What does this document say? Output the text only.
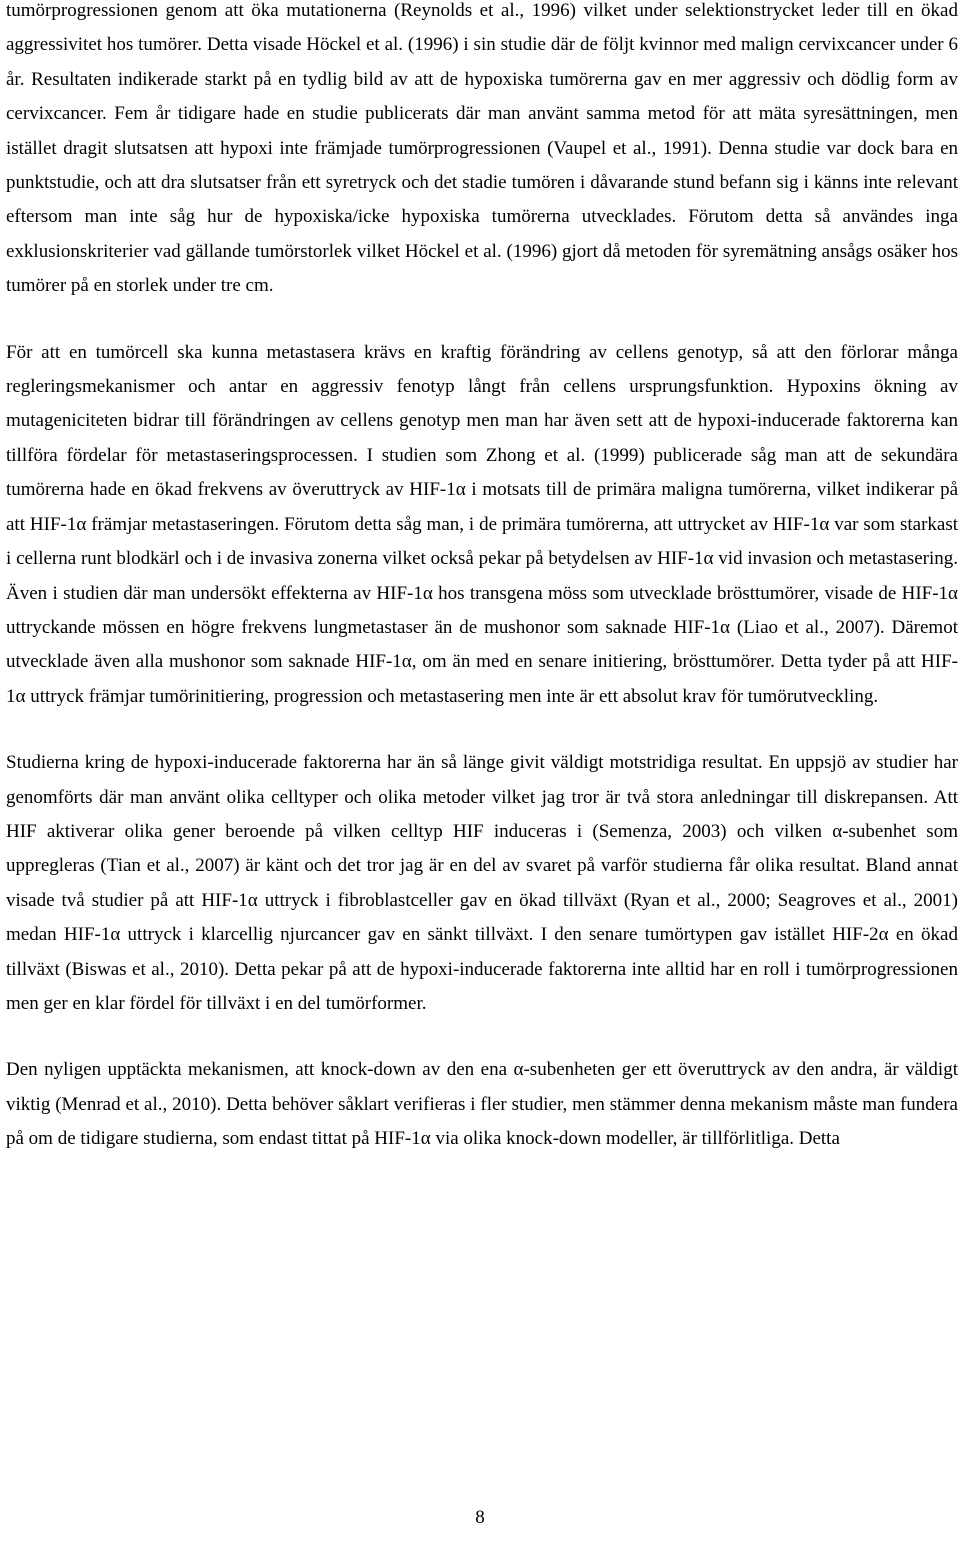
tumörprogressionen genom att öka mutationerna (Reynolds et al., 1996) vilket under selektionstrycket leder till en ökad aggressivitet hos tumörer. Detta visade Höckel et al. (1996) i sin studie där de följt kvinnor med malign cervixcancer under 6 år. Resultaten indikerade starkt på en tydlig bild av att de hypoxiska tumörerna gav en mer aggressiv och dödlig form av cervixcancer. Fem år tidigare hade en studie publicerats där man använt samma metod för att mäta syresättningen, men istället dragit slutsatsen att hypoxi inte främjade tumörprogressionen (Vaupel et al., 1991). Denna studie var dock bara en punktstudie, och att dra slutsatser från ett syretryck och det stadie tumören i dåvarande stund befann sig i känns inte relevant eftersom man inte såg hur de hypoxiska/icke hypoxiska tumörerna utvecklades. Förutom detta så användes inga exklusionskriterier vad gällande tumörstorlek vilket Höckel et al. (1996) gjort då metoden för syremätning ansågs osäker hos tumörer på en storlek under tre cm.

För att en tumörcell ska kunna metastasera krävs en kraftig förändring av cellens genotyp, så att den förlorar många regleringsmekanismer och antar en aggressiv fenotyp långt från cellens ursprungsfunktion. Hypoxins ökning av mutageniciteten bidrar till förändringen av cellens genotyp men man har även sett att de hypoxi-inducerade faktorerna kan tillföra fördelar för metastaseringsprocessen. I studien som Zhong et al. (1999) publicerade såg man att de sekundära tumörerna hade en ökad frekvens av överuttryck av HIF-1α i motsats till de primära maligna tumörerna, vilket indikerar på att HIF-1α främjar metastaseringen. Förutom detta såg man, i de primära tumörerna, att uttrycket av HIF-1α var som starkast i cellerna runt blodkärl och i de invasiva zonerna vilket också pekar på betydelsen av HIF-1α vid invasion och metastasering. Även i studien där man undersökt effekterna av HIF-1α hos transgena möss som utvecklade brösttumörer, visade de HIF-1α uttryckande mössen en högre frekvens lungmetastaser än de mushonor som saknade HIF-1α (Liao et al., 2007). Däremot utvecklade även alla mushonor som saknade HIF-1α, om än med en senare initiering, brösttumörer. Detta tyder på att HIF-1α uttryck främjar tumörinitiering, progression och metastasering men inte är ett absolut krav för tumörutveckling.

Studierna kring de hypoxi-inducerade faktorerna har än så länge givit väldigt motstridiga resultat. En uppsjö av studier har genomförts där man använt olika celltyper och olika metoder vilket jag tror är två stora anledningar till diskrepansen. Att HIF aktiverar olika gener beroende på vilken celltyp HIF induceras i (Semenza, 2003) och vilken α-subenhet som uppregleras (Tian et al., 2007) är känt och det tror jag är en del av svaret på varför studierna får olika resultat. Bland annat visade två studier på att HIF-1α uttryck i fibroblastceller gav en ökad tillväxt (Ryan et al., 2000; Seagroves et al., 2001) medan HIF-1α uttryck i klarcellig njurcancer gav en sänkt tillväxt. I den senare tumörtypen gav istället HIF-2α en ökad tillväxt (Biswas et al., 2010). Detta pekar på att de hypoxi-inducerade faktorerna inte alltid har en roll i tumörprogressionen men ger en klar fördel för tillväxt i en del tumörformer.

Den nyligen upptäckta mekanismen, att knock-down av den ena α-subenheten ger ett överuttryck av den andra, är väldigt viktig (Menrad et al., 2010). Detta behöver såklart verifieras i fler studier, men stämmer denna mekanism måste man fundera på om de tidigare studierna, som endast tittat på HIF-1α via olika knock-down modeller, är tillförlitliga. Detta

8
